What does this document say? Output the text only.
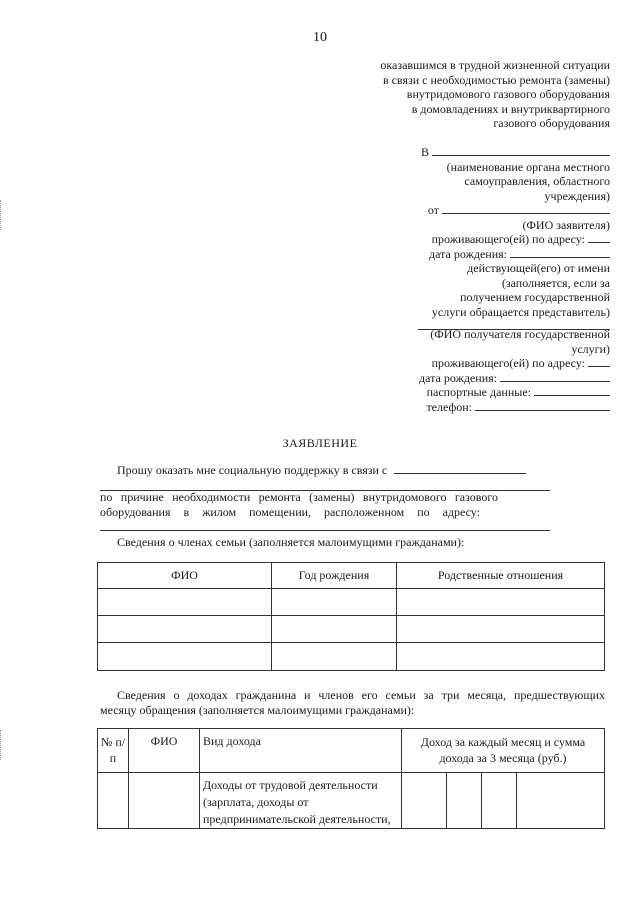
10
оказавшимся в трудной жизненной ситуации
в связи с необходимостью ремонта (замены)
внутридомового газового оборудования
в домовладениях и внутриквартирного
газового оборудования
В
(наименование органа местного
самоуправления, областного
учреждения)
от
(ФИО заявителя)
проживающего(ей) по адресу:
дата рождения:
действующей(его) от имени
(заполняется, если за
получением государственной
услуги обращается представитель)
(ФИО получателя государственной
услуги)
проживающего(ей) по адресу:
дата рождения:
паспортные данные:
телефон:
ЗАЯВЛЕНИЕ
Прошу оказать мне социальную поддержку в связи с
по причине необходимости ремонта (замены) внутридомового газового
оборудования в жилом помещении, расположенном по адресу:
Сведения о членах семьи (заполняется малоимущими гражданами):
ФИО	Год рождения	Родственные отношения

Сведения о доходах гражданина и членов его семьи за три месяца, предшествующих
месяцу обращения (заполняется малоимущими гражданами):
№ п/п	ФИО	Вид дохода	Доход за каждый месяц и сумма дохода за 3 месяца (руб.)			
		Доходы от трудовой деятельности (зарплата, доходы от предпринимательской деятельности,				
